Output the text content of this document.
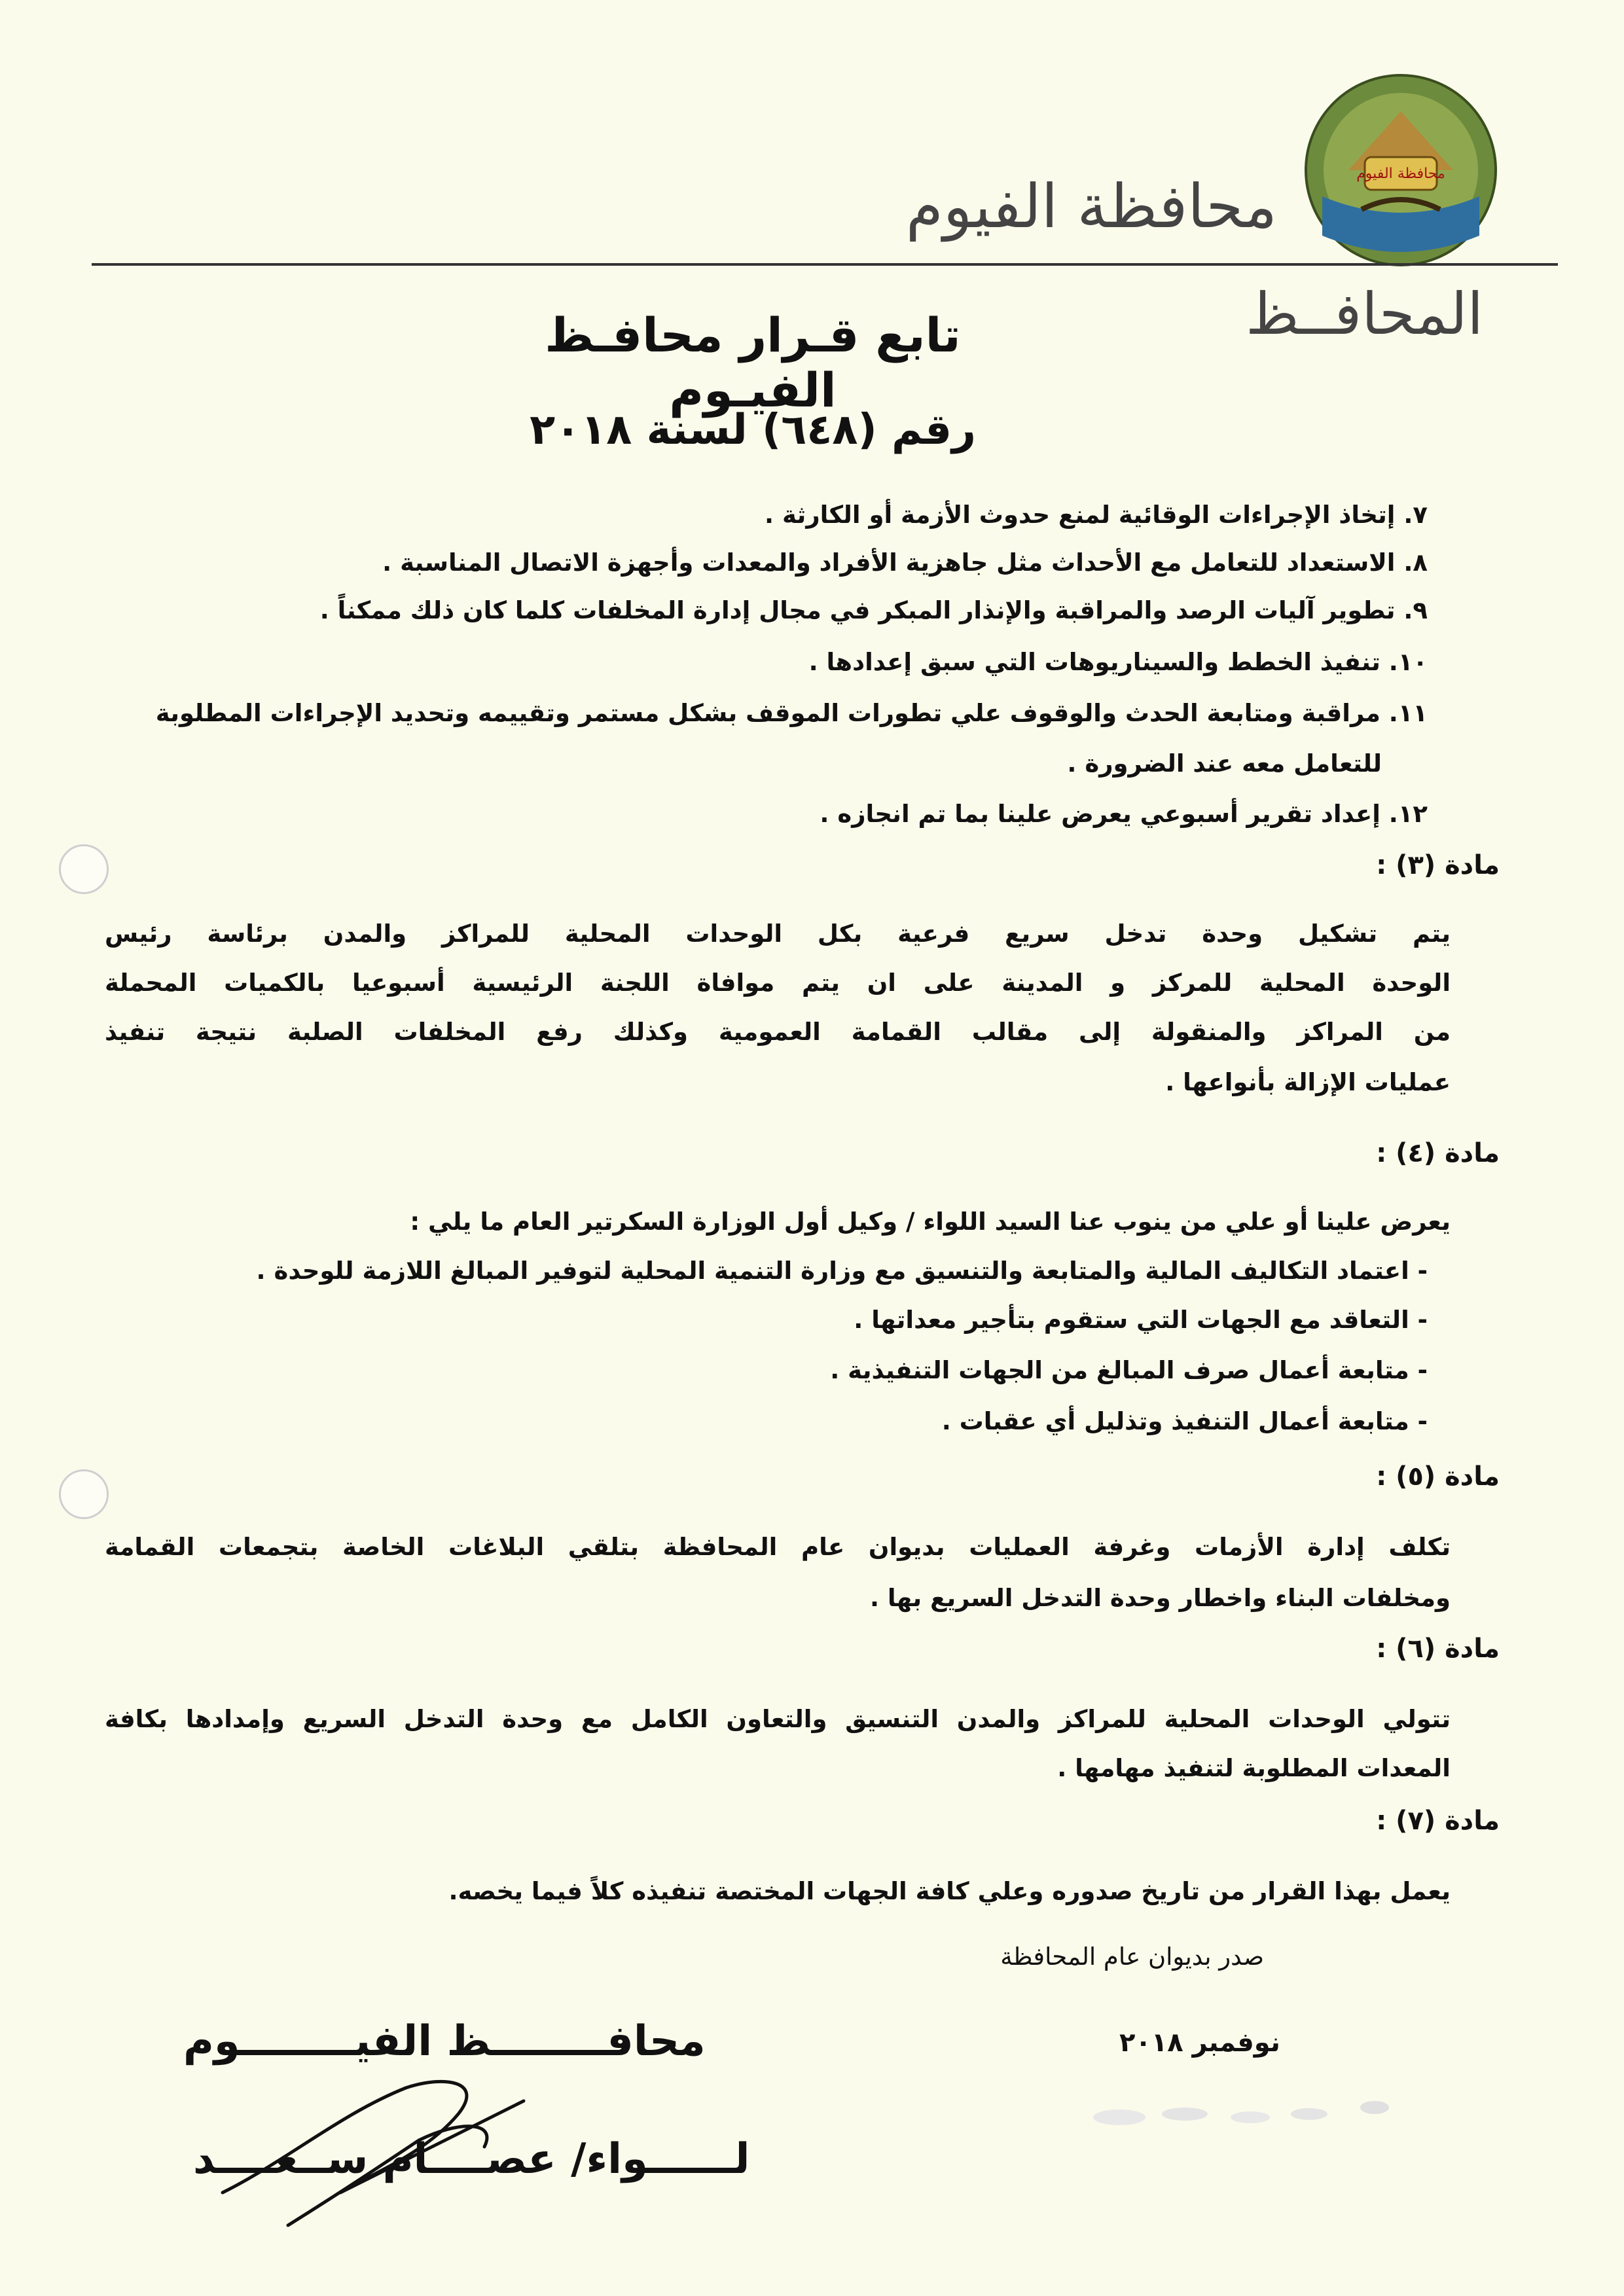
محافظة الفيوم
محافظة الفيوم
المحافــظ
تابع قـرار محافـظ الفيـوم
رقم (٦٤٨) لسنة ٢٠١٨
٧. إتخاذ الإجراءات الوقائية لمنع حدوث الأزمة أو الكارثة .
٨. الاستعداد للتعامل مع الأحداث مثل جاهزية الأفراد والمعدات وأجهزة الاتصال المناسبة .
٩. تطوير آليات الرصد والمراقبة والإنذار المبكر في مجال إدارة المخلفات كلما كان ذلك ممكناً .
١٠. تنفيذ الخطط والسيناريوهات التي سبق إعدادها .
١١. مراقبة ومتابعة الحدث والوقوف علي تطورات الموقف بشكل مستمر وتقييمه وتحديد الإجراءات المطلوبة
للتعامل معه عند الضرورة .
١٢. إعداد تقرير أسبوعي يعرض علينا بما تم انجازه .
مادة (٣) :
يتم تشكيل وحدة تدخل سريع فرعية بكل الوحدات المحلية للمراكز والمدن برئاسة رئيس
الوحدة المحلية للمركز و المدينة على ان يتم موافاة اللجنة الرئيسية أسبوعيا بالكميات المحملة
من المراكز والمنقولة إلى مقالب القمامة العمومية وكذلك رفع المخلفات الصلبة نتيجة تنفيذ
عمليات الإزالة بأنواعها .
مادة (٤) :
يعرض علينا أو علي من ينوب عنا السيد اللواء / وكيل أول الوزارة السكرتير العام ما يلي :
- اعتماد التكاليف المالية والمتابعة والتنسيق مع وزارة التنمية المحلية لتوفير المبالغ اللازمة للوحدة .
- التعاقد مع الجهات التي ستقوم بتأجير معداتها .
- متابعة أعمال صرف المبالغ من الجهات التنفيذية .
- متابعة أعمال التنفيذ وتذليل أي عقبات .
مادة (٥) :
تكلف إدارة الأزمات وغرفة العمليات بديوان عام المحافظة بتلقي البلاغات الخاصة بتجمعات القمامة
ومخلفات البناء واخطار وحدة التدخل السريع بها .
مادة (٦) :
تتولي الوحدات المحلية للمراكز والمدن التنسيق والتعاون الكامل مع وحدة التدخل السريع وإمدادها بكافة
المعدات المطلوبة لتنفيذ مهامها .
مادة (٧) :
يعمل بهذا القرار من تاريخ صدوره وعلي كافة الجهات المختصة تنفيذه كلاً فيما يخصه.
صدر بديوان عام المحافظة
نوفمبر ٢٠١٨
محافــــــــظ الفيــــــــوم
لــــــواء/ عصــــام ســعــــد
